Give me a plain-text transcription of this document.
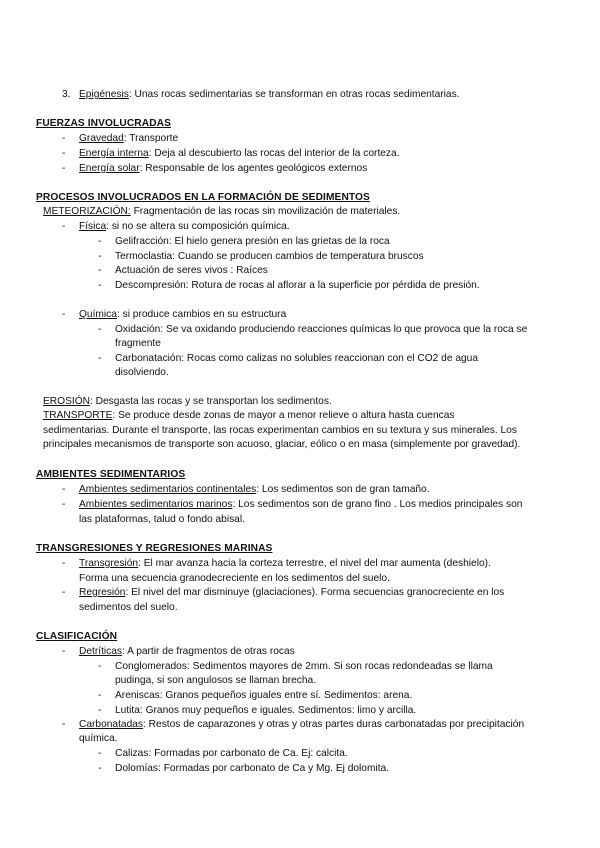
3. Epigénesis: Unas rocas sedimentarias se transforman en otras rocas sedimentarias.
FUERZAS INVOLUCRADAS
- Gravedad: Transporte
- Energía interna: Deja al descubierto las rocas del interior de la corteza.
- Energía solar: Responsable de los agentes geológicos externos
PROCESOS INVOLUCRADOS EN LA FORMACIÓN DE SEDIMENTOS
METEORIZACIÓN: Fragmentación de las rocas sin movilización de materiales.
- Física: si no se altera su composición química.
- Gelifracción: El hielo genera presión en las grietas de la roca
- Termoclastia: Cuando se producen cambios de temperatura bruscos
- Actuación de seres vivos : Raíces
- Descompresión: Rotura de rocas al aflorar a la superficie por pérdida de presión.
- Química: si produce cambios en su estructura
- Oxidación: Se va oxidando produciendo reacciones químicas lo que provoca que la roca se
fragmente
- Carbonatación: Rocas como calizas no solubles reaccionan con el CO2 de agua
disolviendo.
EROSIÓN: Desgasta las rocas y se transportan los sedimentos.
TRANSPORTE: Se produce desde zonas de mayor a menor relieve o altura hasta cuencas
sedimentarias. Durante el transporte, las rocas experimentan cambios en su textura y sus minerales. Los
principales mecanismos de transporte son acuoso, glaciar, eólico o en masa (simplemente por gravedad).
AMBIENTES SEDIMENTARIOS
- Ambientes sedimentarios continentales: Los sedimentos son de gran tamaño.
- Ambientes sedimentarios marinos: Los sedimentos son de grano fino . Los medios principales son
las plataformas, talud o fondo abisal.
TRANSGRESIONES Y REGRESIONES MARINAS
- Transgresión: El mar avanza hacia la corteza terrestre, el nivel del mar aumenta (deshielo).
Forma una secuencia granodecreciente en los sedimentos del suelo.
- Regresión: El nivel del mar disminuye (glaciaciones). Forma secuencias granocreciente en los
sedimentos del suelo.
CLASIFICACIÓN
- Detríticas: A partir de fragmentos de otras rocas
- Conglomerados: Sedimentos mayores de 2mm. Si son rocas redondeadas se llama
pudinga, si son angulosos se llaman brecha.
- Areniscas: Granos pequeños iguales entre sí. Sedimentos: arena.
- Lutita: Granos muy pequeños e iguales. Sedimentos: limo y arcilla.
- Carbonatadas: Restos de caparazones y otras y otras partes duras carbonatadas por precipitación
química.
- Calizas: Formadas por carbonato de Ca. Ej: calcita.
- Dolomías: Formadas por carbonato de Ca y Mg. Ej dolomita.
